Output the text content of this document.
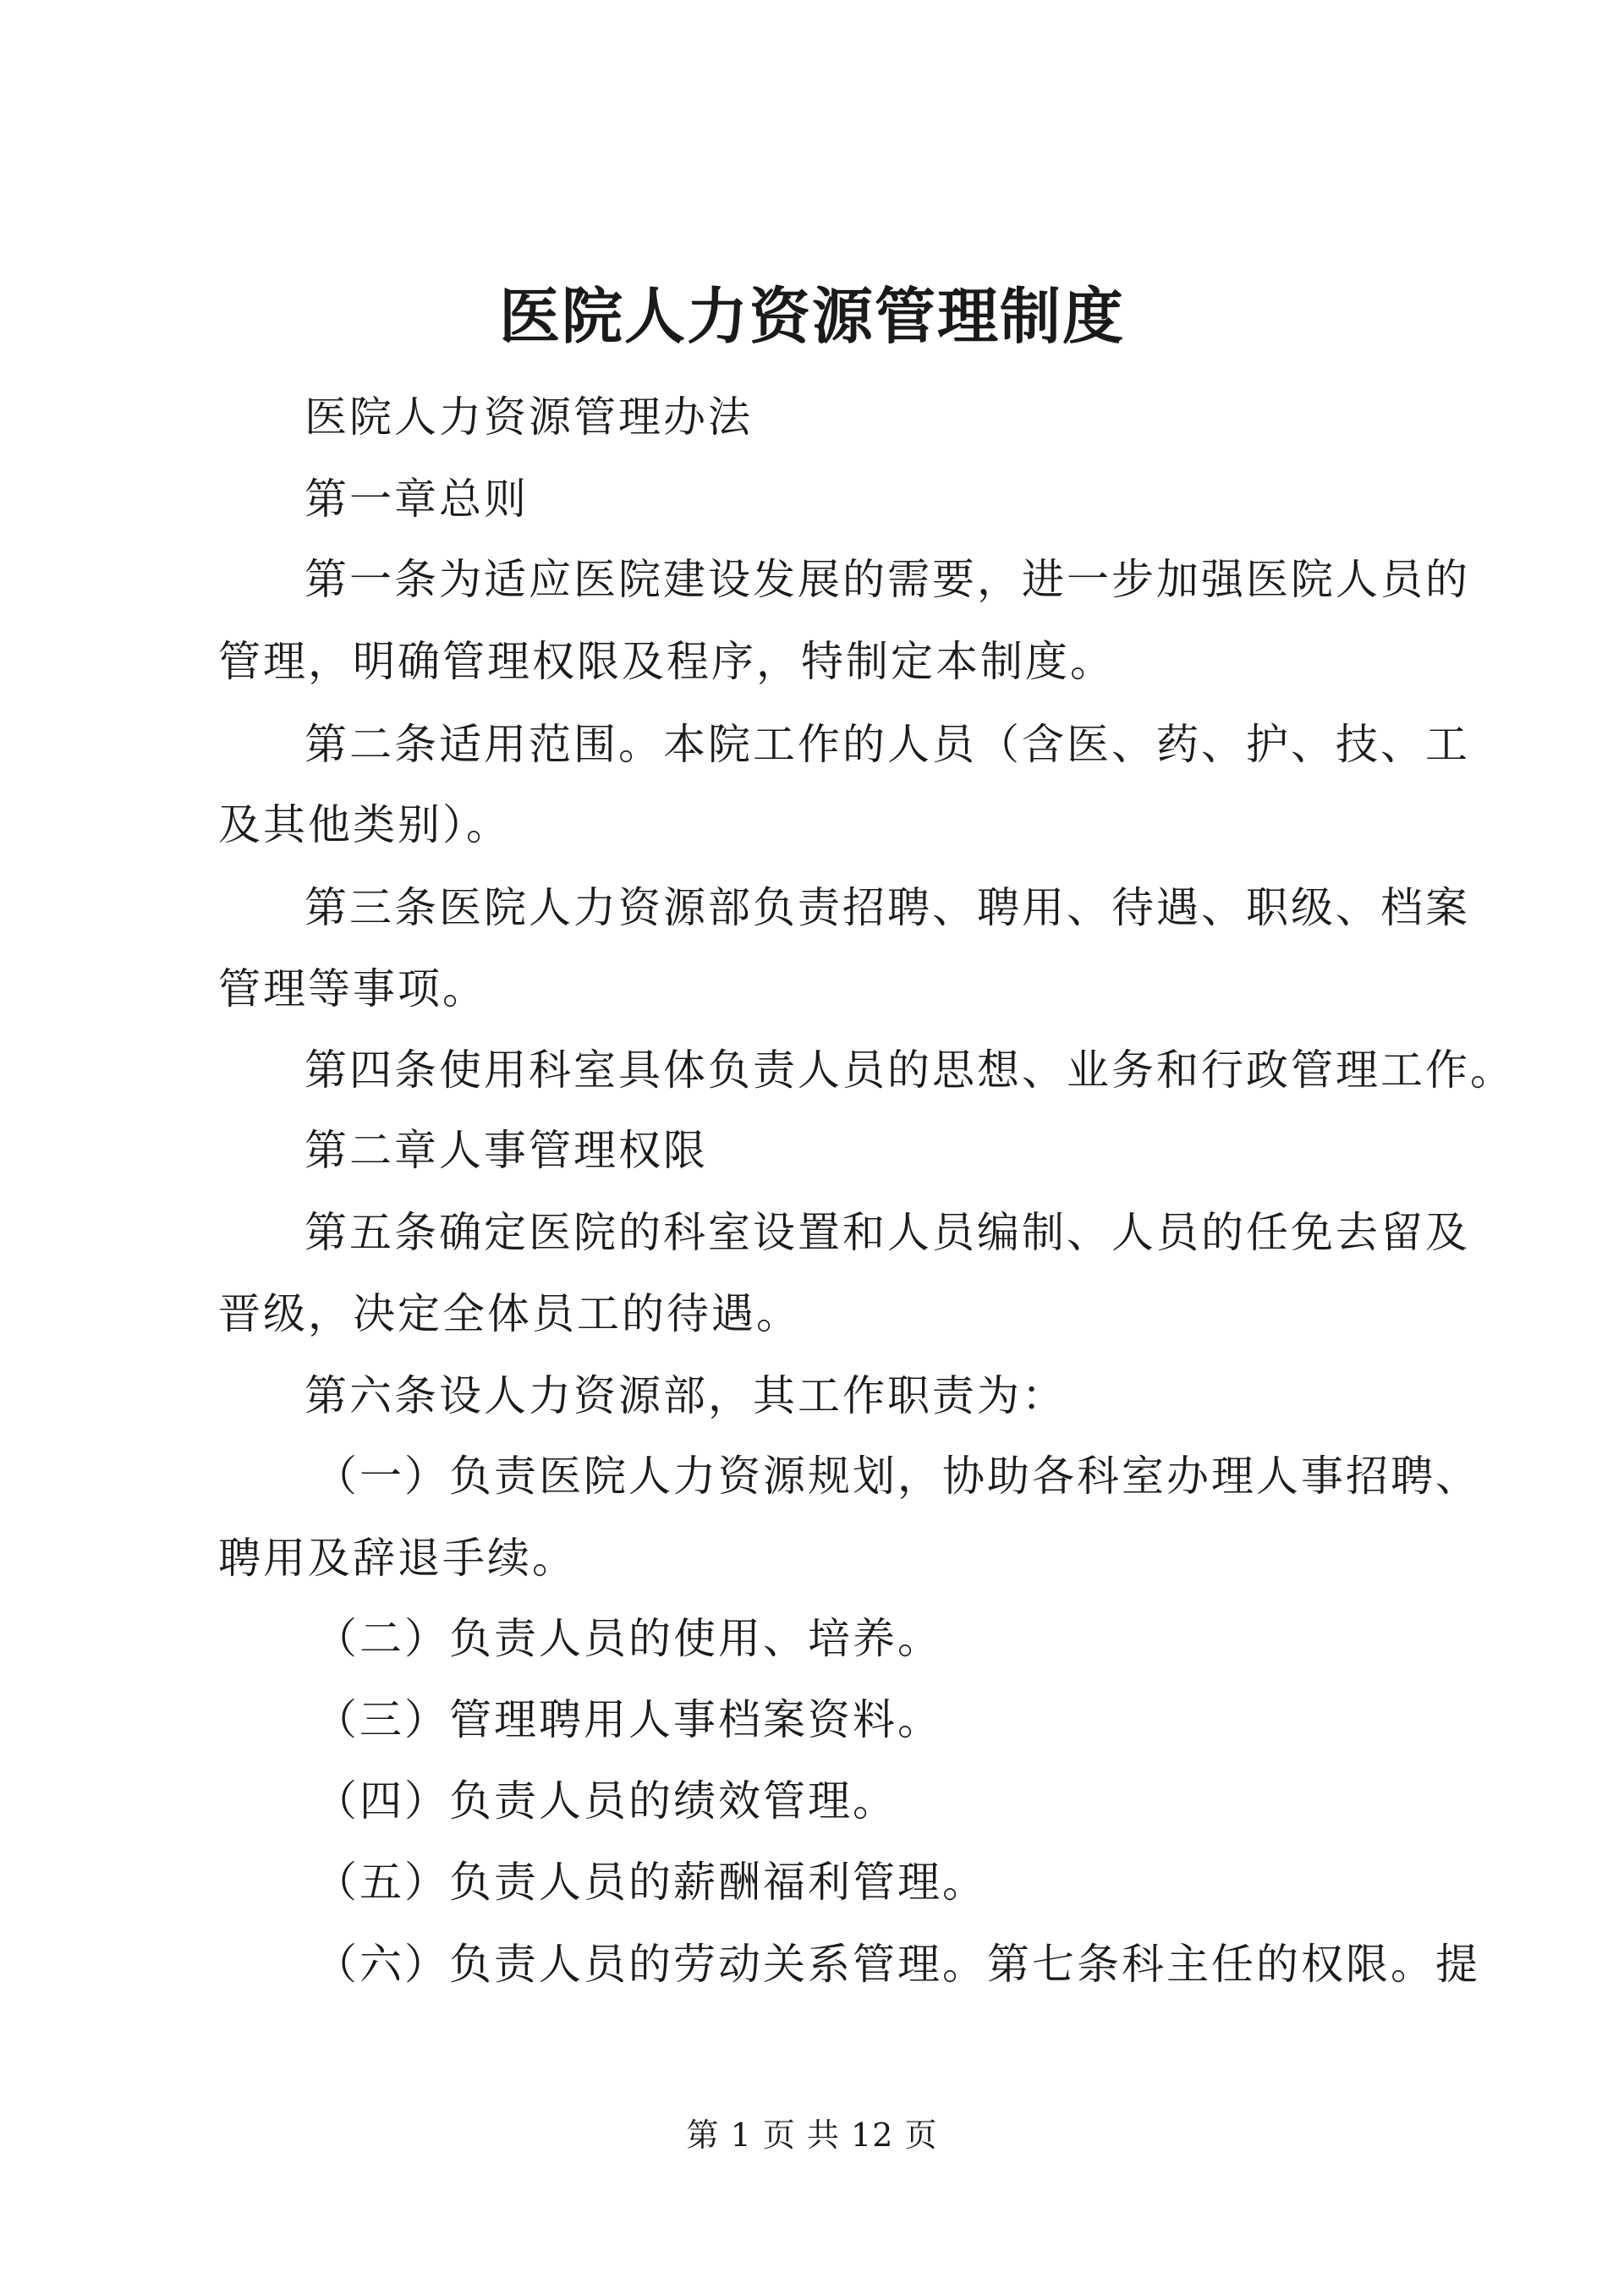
医院人力资源管理制度
医院人力资源管理办法
第一章总则
第一条为适应医院建设发展的需要，进一步加强医院人员的
管理，明确管理权限及程序，特制定本制度。
第二条适用范围。本院工作的人员（含医、药、护、技、工
及其他类别）。
第三条医院人力资源部负责招聘、聘用、待遇、职级、档案
管理等事项。
第四条使用科室具体负责人员的思想、业务和行政管理工作。
第二章人事管理权限
第五条确定医院的科室设置和人员编制、人员的任免去留及
晋级，决定全体员工的待遇。
第六条设人力资源部，其工作职责为：
（一）负责医院人力资源规划，协助各科室办理人事招聘、
聘用及辞退手续。
（二）负责人员的使用、培养。
（三）管理聘用人事档案资料。
（四）负责人员的绩效管理。
（五）负责人员的薪酬福利管理。
（六）负责人员的劳动关系管理。第七条科主任的权限。提
第 1 页 共 12 页
